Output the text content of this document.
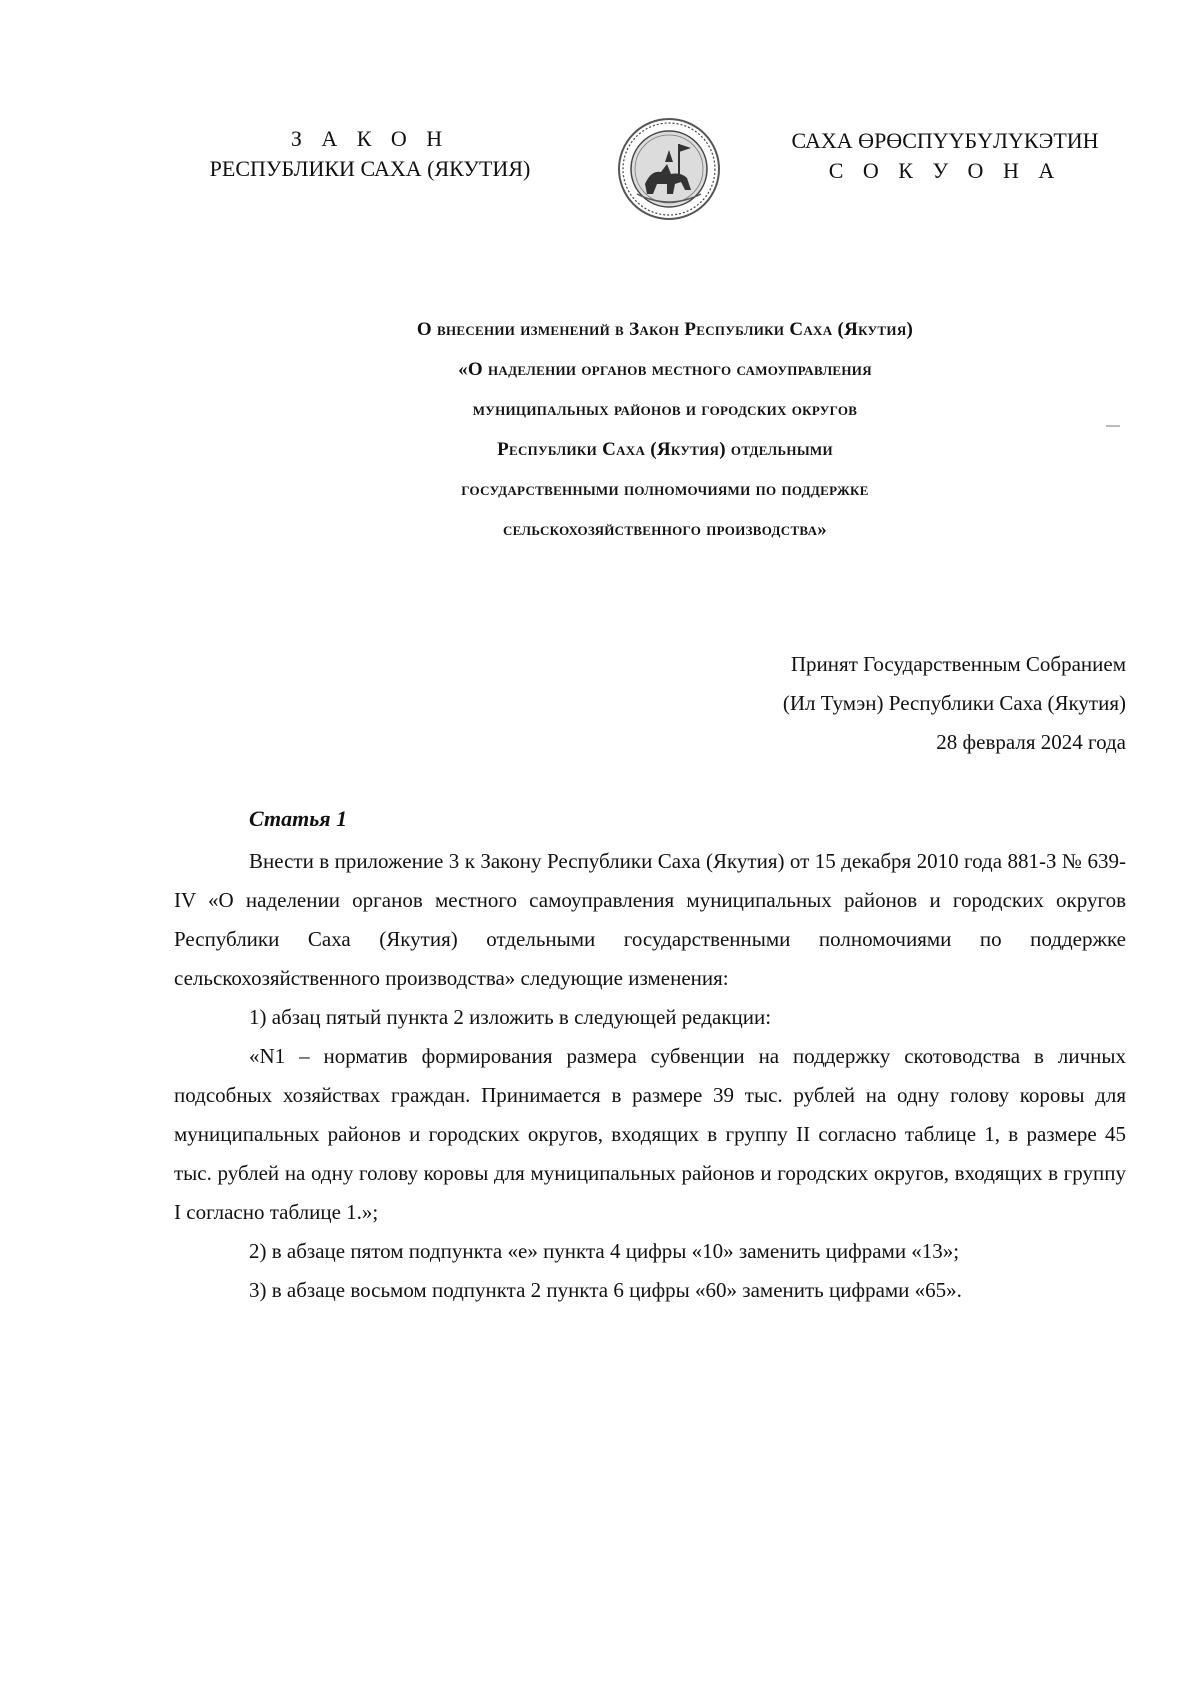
З А К О Н
РЕСПУБЛИКИ САХА (ЯКУТИЯ)
САХА ӨРӨСПҮҮБҮЛҮКЭТИН
С О К У О Н А
О внесении изменений в Закон Республики Саха (Якутия)
«О наделении органов местного самоуправления
муниципальных районов и городских округов
Республики Саха (Якутия) отдельными
государственными полномочиями по поддержке
сельскохозяйственного производства»
Принят Государственным Собранием
(Ил Тумэн) Республики Саха (Якутия)
28 февраля 2024 года
Статья 1

Внести в приложение 3 к Закону Республики Саха (Якутия) от 15 декабря 2010 года 881-З № 639-IV «О наделении органов местного самоуправления муниципальных районов и городских округов Республики Саха (Якутия) отдельными государственными полномочиями по поддержке сельскохозяйственного производства» следующие изменения:

1) абзац пятый пункта 2 изложить в следующей редакции:

«N1 – норматив формирования размера субвенции на поддержку скотоводства в личных подсобных хозяйствах граждан. Принимается в размере 39 тыс. рублей на одну голову коровы для муниципальных районов и городских округов, входящих в группу II согласно таблице 1, в размере 45 тыс. рублей на одну голову коровы для муниципальных районов и городских округов, входящих в группу I согласно таблице 1.»;

2) в абзаце пятом подпункта «е» пункта 4 цифры «10» заменить цифрами «13»;

3) в абзаце восьмом подпункта 2 пункта 6 цифры «60» заменить цифрами «65».
